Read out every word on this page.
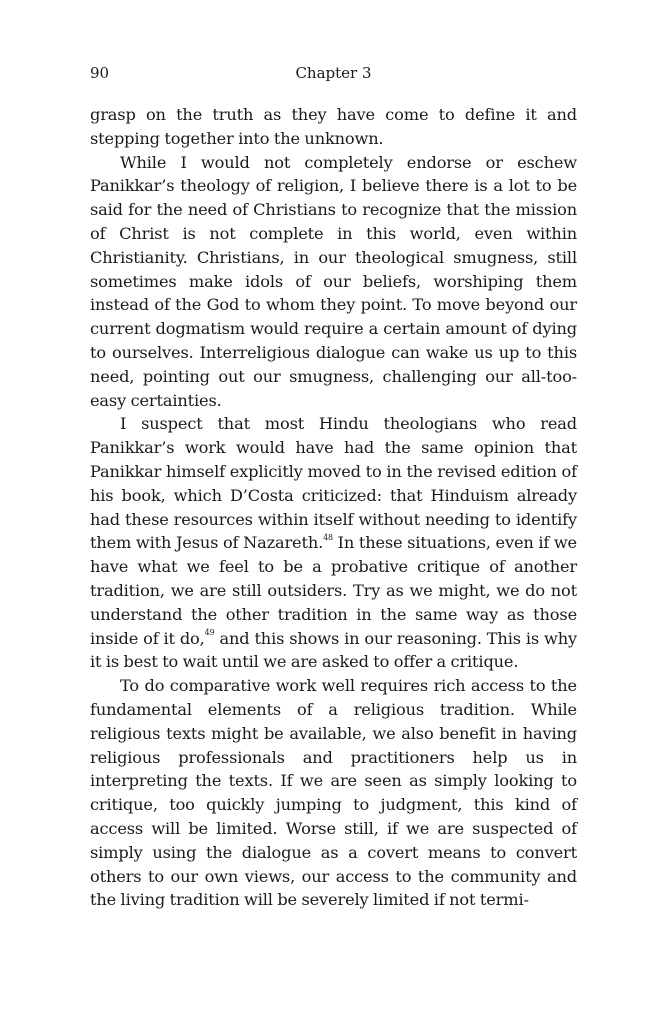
90	Chapter 3

grasp on the truth as they have come to define it and stepping together into the unknown.

While I would not completely endorse or eschew Panikkar’s theology of religion, I believe there is a lot to be said for the need of Christians to recognize that the mission of Christ is not complete in this world, even within Christianity. Christians, in our theological smugness, still sometimes make idols of our beliefs, worshiping them instead of the God to whom they point. To move beyond our current dogmatism would require a certain amount of dying to ourselves. Interreligious dialogue can wake us up to this need, pointing out our smugness, challenging our all-too-easy certainties.

I suspect that most Hindu theologians who read Panikkar’s work would have had the same opinion that Panikkar himself explicitly moved to in the revised edition of his book, which D’Costa criticized: that Hinduism already had these resources within itself without needing to identify them with Jesus of Nazareth.$^{48}$ In these situations, even if we have what we feel to be a probative critique of another tradition, we are still outsiders. Try as we might, we do not understand the other tradition in the same way as those inside of it do,$^{49}$ and this shows in our reasoning. This is why it is best to wait until we are asked to offer a critique.

To do comparative work well requires rich access to the fundamental elements of a religious tradition. While religious texts might be available, we also benefit in having religious professionals and practitioners help us in interpreting the texts. If we are seen as simply looking to critique, too quickly jumping to judgment, this kind of access will be limited. Worse still, if we are suspected of simply using the dialogue as a covert means to convert others to our own views, our access to the community and the living tradition will be severely limited if not termi-
